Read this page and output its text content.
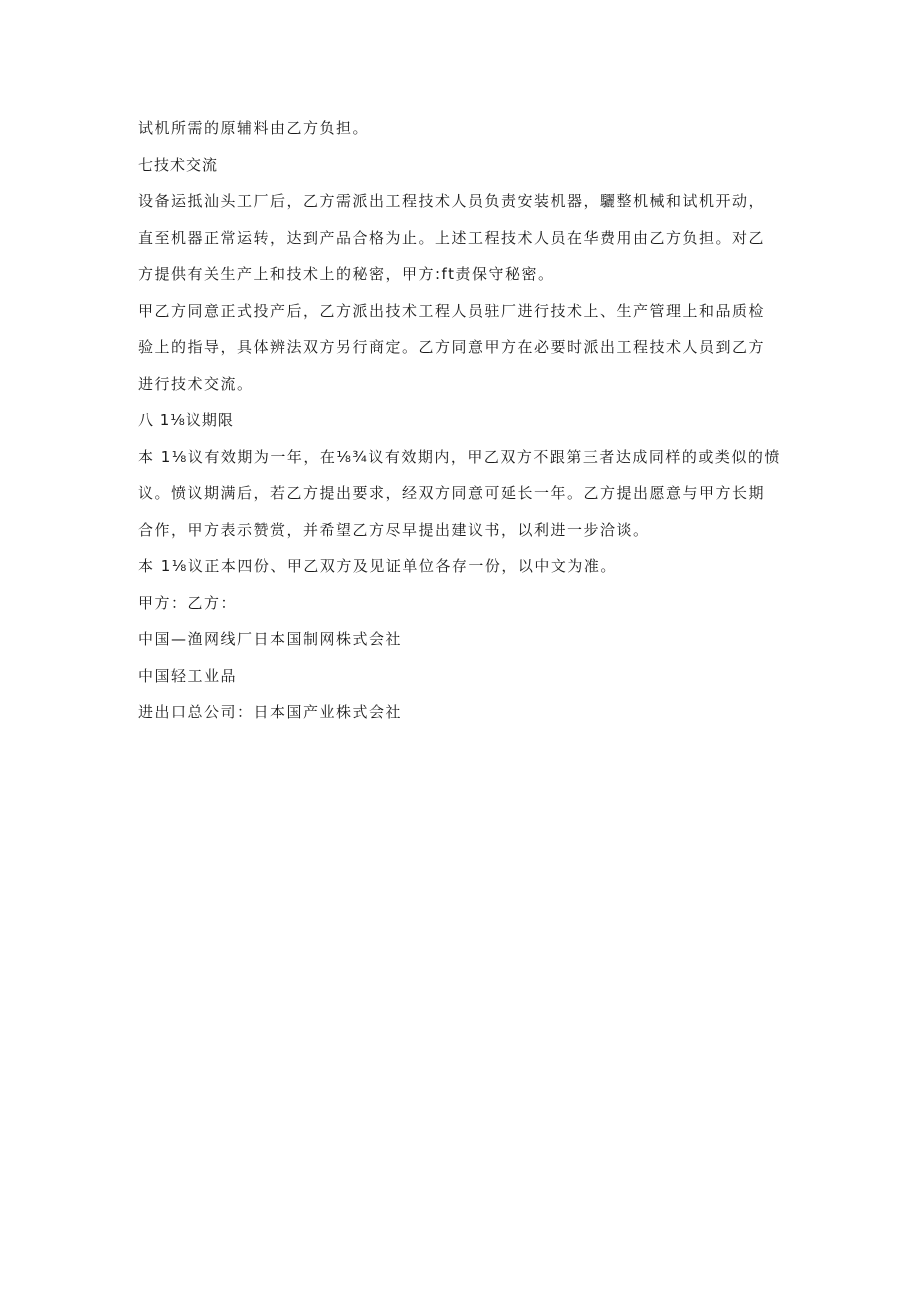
试机所需的原辅料由乙方负担。
七技术交流
设备运抵汕头工厂后，乙方需派出工程技术人员负责安装机器，驪整机械和试机开动，
直至机器正常运转，达到产品合格为止。上述工程技术人员在华费用由乙方负担。对乙
方提供有关生产上和技术上的秘密，甲方:ft责保守秘密。
甲乙方同意正式投产后，乙方派出技术工程人员驻厂进行技术上、生产管理上和品质检
验上的指导，具体辨法双方另行商定。乙方同意甲方在必要时派出工程技术人员到乙方
进行技术交流。
八 1⅛议期限
本 1⅛议有效期为一年，在⅛¾议有效期内，甲乙双方不跟第三者达成同样的或类似的愤
议。愤议期满后，若乙方提出要求，经双方同意可延长一年。乙方提出愿意与甲方长期
合作，甲方表示赞赏，并希望乙方尽早提出建议书，以利进一步洽谈。
本 1⅛议正本四份、甲乙双方及见证单位各存一份，以中文为准。
甲方：乙方：
中国—渔网线厂日本国制网株式会社
中国轻工业品
进出口总公司：日本国产业株式会社
